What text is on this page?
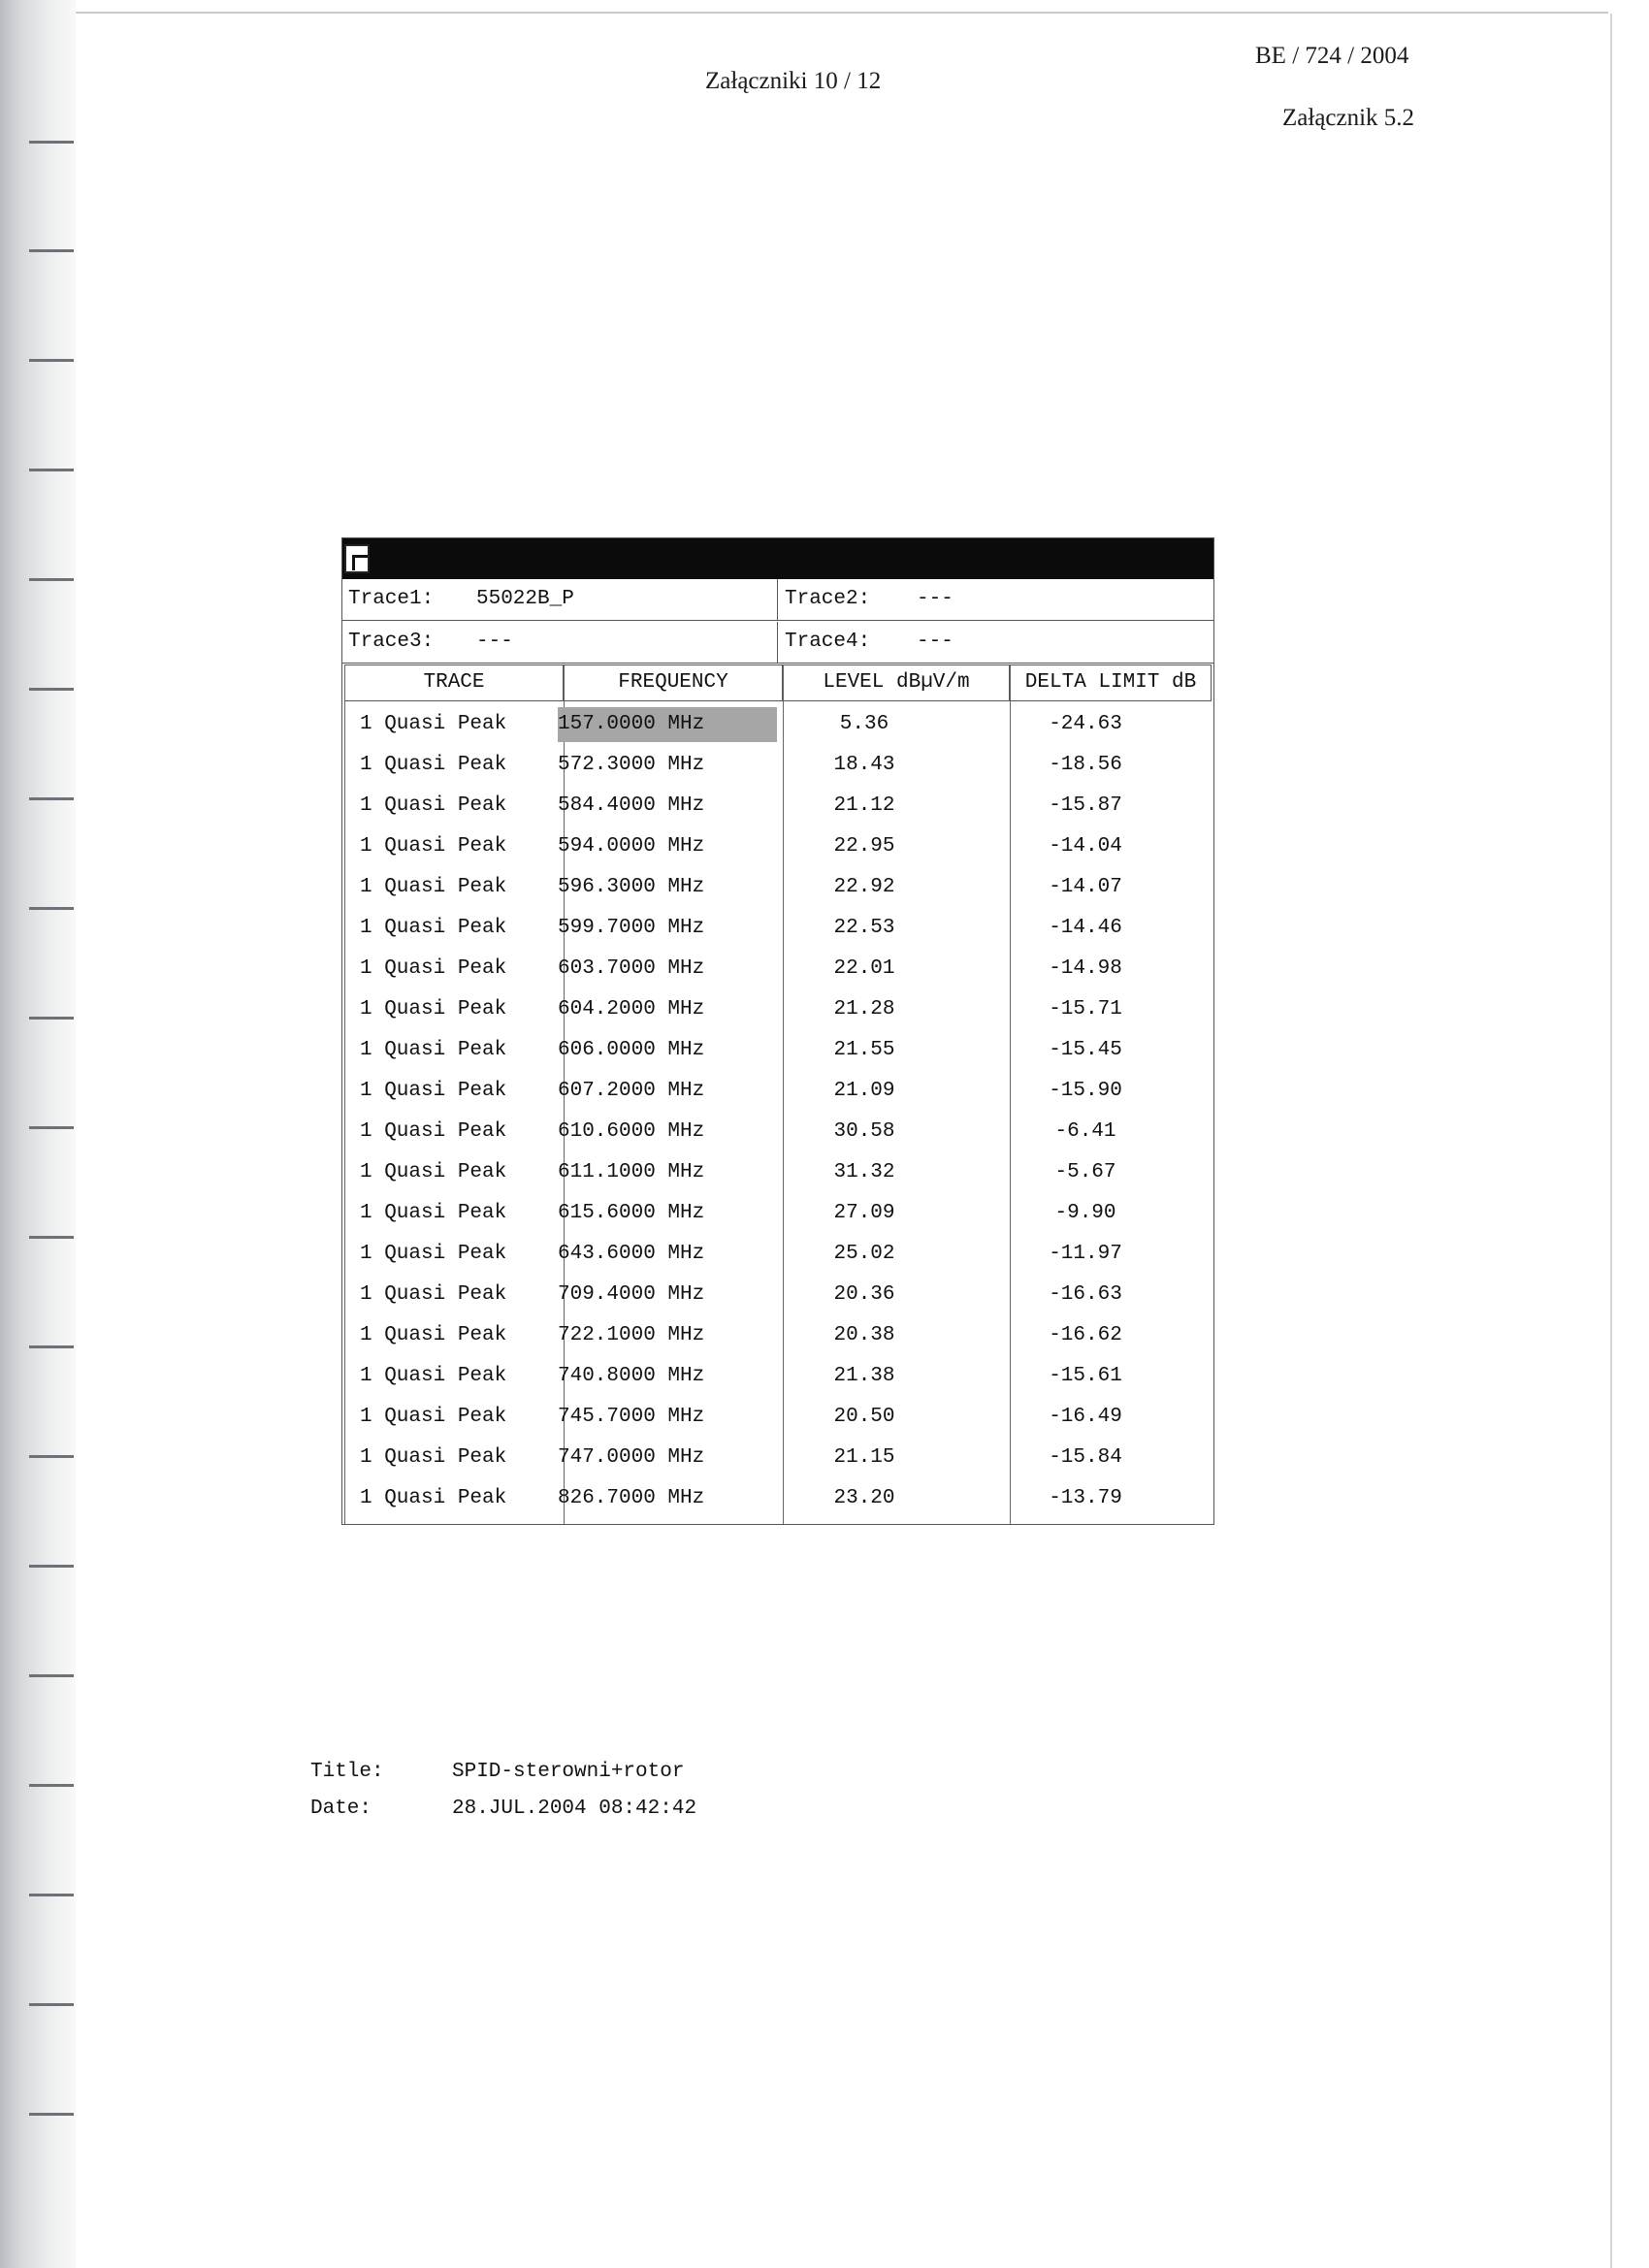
Załączniki 10 / 12
BE / 724 / 2004
Załącznik 5.2
Trace1: 55022B_P	Trace2: ---
Trace3: ---	Trace4: ---
TRACE	FREQUENCY	LEVEL dBµV/m	DELTA LIMIT dB
1 Quasi Peak	157.0000 MHz	5.36	-24.63
1 Quasi Peak	572.3000 MHz	18.43	-18.56
1 Quasi Peak	584.4000 MHz	21.12	-15.87
1 Quasi Peak	594.0000 MHz	22.95	-14.04
1 Quasi Peak	596.3000 MHz	22.92	-14.07
1 Quasi Peak	599.7000 MHz	22.53	-14.46
1 Quasi Peak	603.7000 MHz	22.01	-14.98
1 Quasi Peak	604.2000 MHz	21.28	-15.71
1 Quasi Peak	606.0000 MHz	21.55	-15.45
1 Quasi Peak	607.2000 MHz	21.09	-15.90
1 Quasi Peak	610.6000 MHz	30.58	-6.41
1 Quasi Peak	611.1000 MHz	31.32	-5.67
1 Quasi Peak	615.6000 MHz	27.09	-9.90
1 Quasi Peak	643.6000 MHz	25.02	-11.97
1 Quasi Peak	709.4000 MHz	20.36	-16.63
1 Quasi Peak	722.1000 MHz	20.38	-16.62
1 Quasi Peak	740.8000 MHz	21.38	-15.61
1 Quasi Peak	745.7000 MHz	20.50	-16.49
1 Quasi Peak	747.0000 MHz	21.15	-15.84
1 Quasi Peak	826.7000 MHz	23.20	-13.79
Title:	SPID-sterowni+rotor
Date:	28.JUL.2004 08:42:42
